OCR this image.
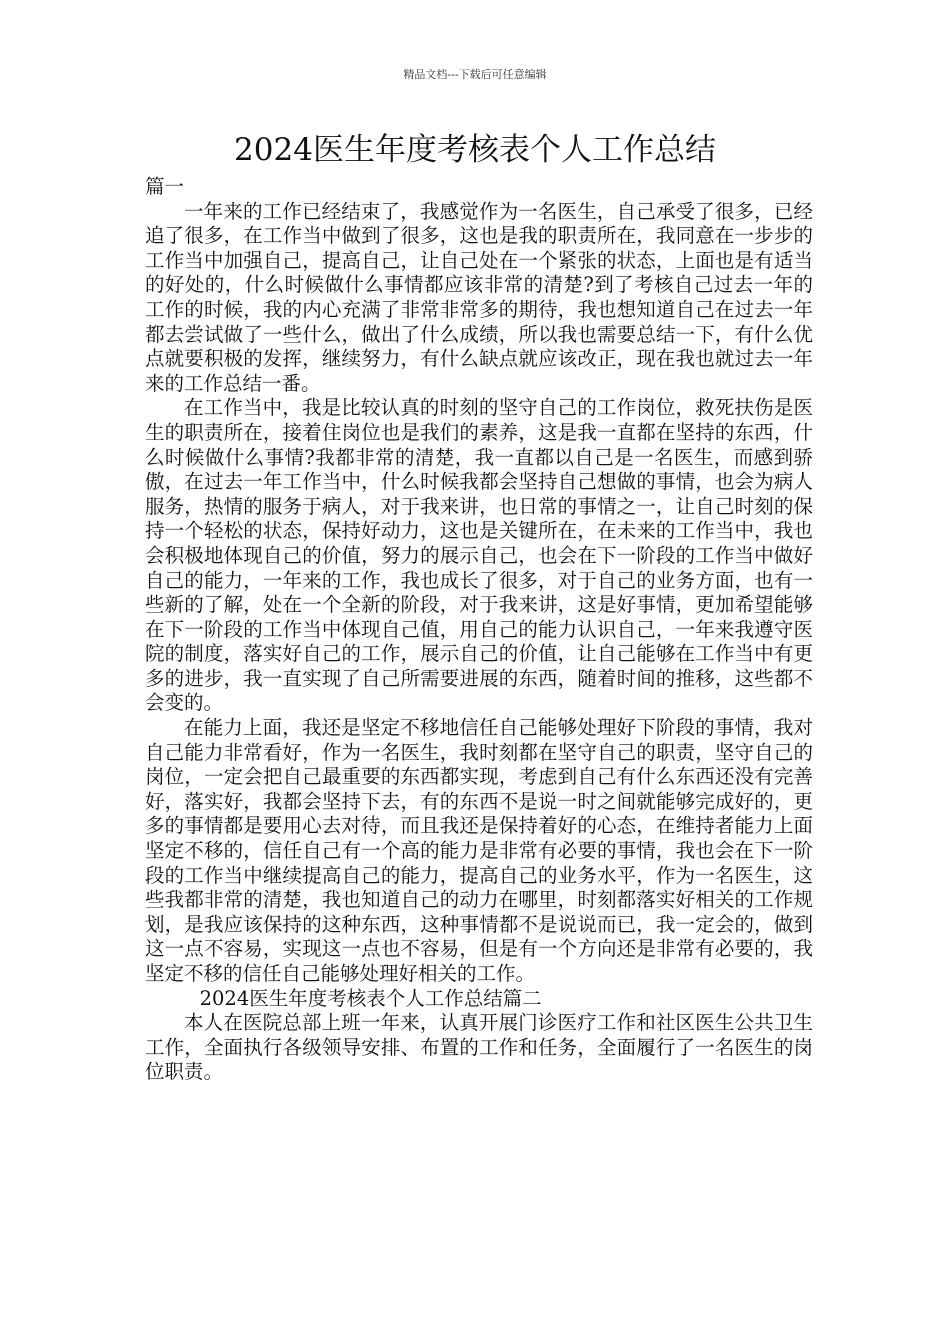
精品文档---下载后可任意编辑
2024医生年度考核表个人工作总结

篇一

一年来的工作已经结束了，我感觉作为一名医生，自己承受了很多，已经追了很多，在工作当中做到了很多，这也是我的职责所在，我同意在一步步的工作当中加强自己，提高自己，让自己处在一个紧张的状态，上面也是有适当的好处的，什么时候做什么事情都应该非常的清楚?到了考核自己过去一年的工作的时候，我的内心充满了非常非常多的期待，我也想知道自己在过去一年都去尝试做了一些什么，做出了什么成绩，所以我也需要总结一下，有什么优点就要积极的发挥，继续努力，有什么缺点就应该改正，现在我也就过去一年来的工作总结一番。

在工作当中，我是比较认真的时刻的坚守自己的工作岗位，救死扶伤是医生的职责所在，接着住岗位也是我们的素养，这是我一直都在坚持的东西，什么时候做什么事情?我都非常的清楚，我一直都以自己是一名医生，而感到骄傲，在过去一年工作当中，什么时候我都会坚持自己想做的事情，也会为病人服务，热情的服务于病人，对于我来讲，也日常的事情之一，让自己时刻的保持一个轻松的状态，保持好动力，这也是关键所在，在未来的工作当中，我也会积极地体现自己的价值，努力的展示自己，也会在下一阶段的工作当中做好自己的能力，一年来的工作，我也成长了很多，对于自己的业务方面，也有一些新的了解，处在一个全新的阶段，对于我来讲，这是好事情，更加希望能够在下一阶段的工作当中体现自己值，用自己的能力认识自己，一年来我遵守医院的制度，落实好自己的工作，展示自己的价值，让自己能够在工作当中有更多的进步，我一直实现了自己所需要进展的东西，随着时间的推移，这些都不会变的。

在能力上面，我还是坚定不移地信任自己能够处理好下阶段的事情，我对自己能力非常看好，作为一名医生，我时刻都在坚守自己的职责，坚守自己的岗位，一定会把自己最重要的东西都实现，考虑到自己有什么东西还没有完善好，落实好，我都会坚持下去，有的东西不是说一时之间就能够完成好的，更多的事情都是要用心去对待，而且我还是保持着好的心态，在维持者能力上面坚定不移的，信任自己有一个高的能力是非常有必要的事情，我也会在下一阶段的工作当中继续提高自己的能力，提高自己的业务水平，作为一名医生，这些我都非常的清楚，我也知道自己的动力在哪里，时刻都落实好相关的工作规划，是我应该保持的这种东西，这种事情都不是说说而已，我一定会的，做到这一点不容易，实现这一点也不容易，但是有一个方向还是非常有必要的，我坚定不移的信任自己能够处理好相关的工作。

2024医生年度考核表个人工作总结篇二

本人在医院总部上班一年来，认真开展门诊医疗工作和社区医生公共卫生工作，全面执行各级领导安排、布置的工作和任务，全面履行了一名医生的岗位职责。
